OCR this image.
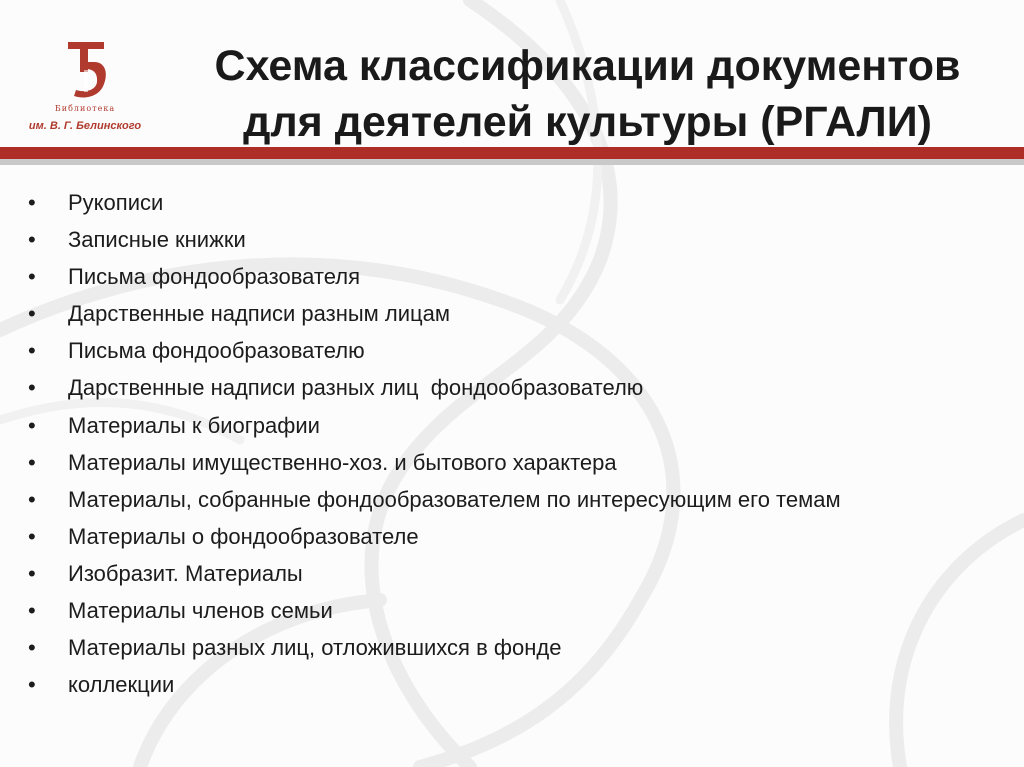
Библиотека
им. В. Г. Белинского
Схема классификации документов
для деятелей культуры (РГАЛИ)
• Рукописи
• Записные книжки
• Письма фондообразователя
• Дарственные надписи разным лицам
• Письма фондообразователю
• Дарственные надписи разных лиц  фондообразователю
• Материалы к биографии
• Материалы имущественно-хоз. и бытового характера
• Материалы, собранные фондообразователем по интересующим его темам
• Материалы о фондообразователе
• Изобразит. Материалы
• Материалы членов семьи
• Материалы разных лиц, отложившихся в фонде
• коллекции
